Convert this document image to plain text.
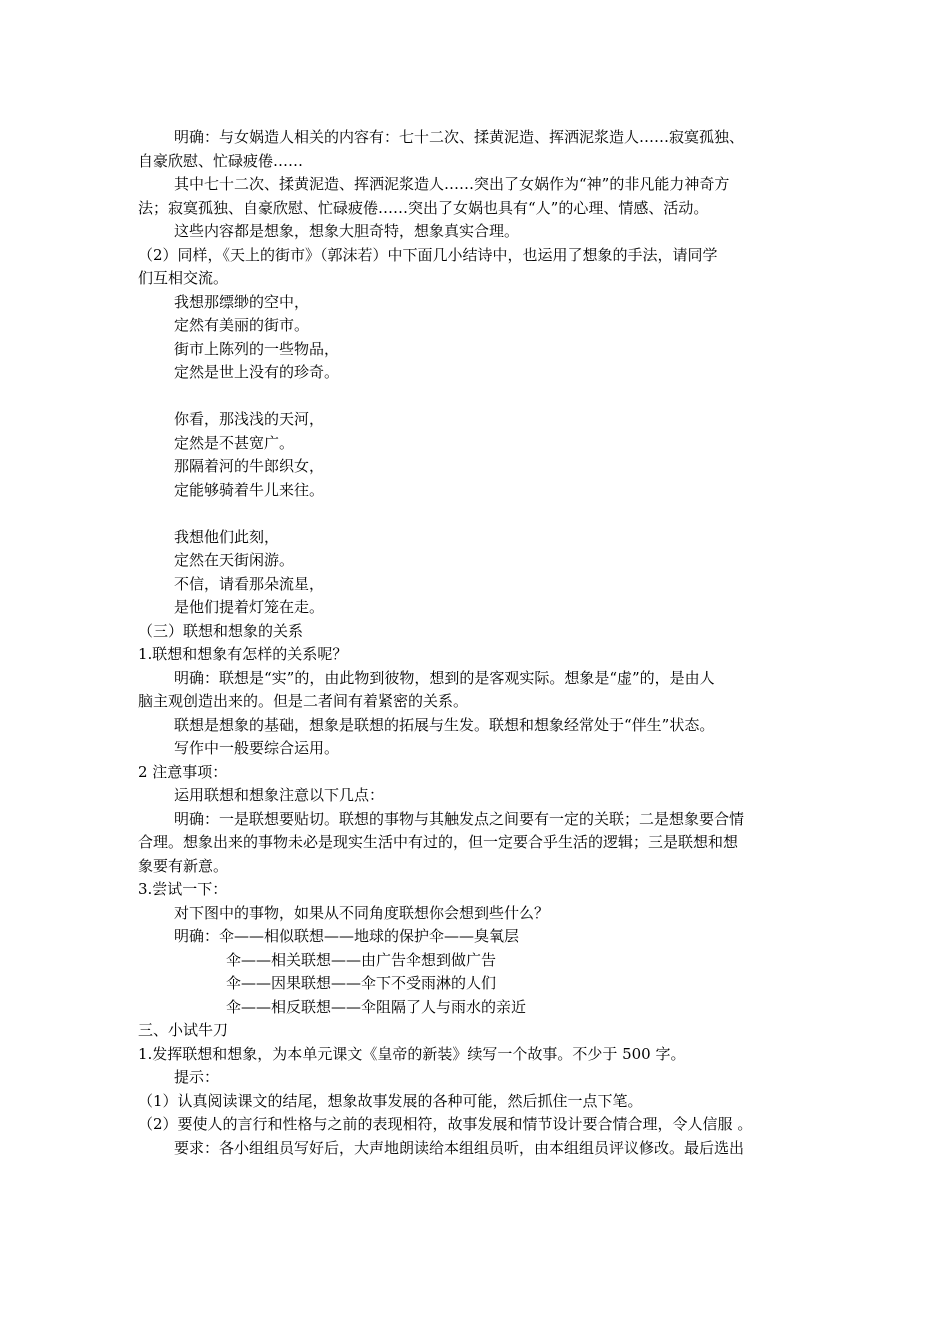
明确：与女娲造人相关的内容有：七十二次、揉黄泥造、挥洒泥浆造人……寂寞孤独、
自豪欣慰、忙碌疲倦……
其中七十二次、揉黄泥造、挥洒泥浆造人……突出了女娲作为“神”的非凡能力神奇方
法；寂寞孤独、自豪欣慰、忙碌疲倦……突出了女娲也具有“人”的心理、情感、活动。
这些内容都是想象，想象大胆奇特，想象真实合理。
（2）同样，《天上的街市》（郭沫若）中下面几小结诗中，也运用了想象的手法，请同学
们互相交流。
我想那缥缈的空中，
定然有美丽的街市。
街市上陈列的一些物品，
定然是世上没有的珍奇。
你看，那浅浅的天河，
定然是不甚宽广。
那隔着河的牛郎织女，
定能够骑着牛儿来往。
我想他们此刻，
定然在天街闲游。
不信，请看那朵流星，
是他们提着灯笼在走。
（三）联想和想象的关系
1.联想和想象有怎样的关系呢？
明确：联想是“实”的，由此物到彼物，想到的是客观实际。想象是“虚”的，是由人
脑主观创造出来的。但是二者间有着紧密的关系。
联想是想象的基础，想象是联想的拓展与生发。联想和想象经常处于“伴生”状态。
写作中一般要综合运用。
2 注意事项：
运用联想和想象注意以下几点：
明确：一是联想要贴切。联想的事物与其触发点之间要有一定的关联；二是想象要合情
合理。想象出来的事物未必是现实生活中有过的，但一定要合乎生活的逻辑；三是联想和想
象要有新意。
3.尝试一下：
对下图中的事物，如果从不同角度联想你会想到些什么？
明确：伞——相似联想——地球的保护伞——臭氧层
伞——相关联想——由广告伞想到做广告
伞——因果联想——伞下不受雨淋的人们
伞——相反联想——伞阻隔了人与雨水的亲近
三、小试牛刀
1.发挥联想和想象，为本单元课文《皇帝的新装》续写一个故事。不少于 500 字。
提示：
（1）认真阅读课文的结尾，想象故事发展的各种可能，然后抓住一点下笔。
（2）要使人的言行和性格与之前的表现相符，故事发展和情节设计要合情合理，令人信服 。
要求：各小组组员写好后，大声地朗读给本组组员听，由本组组员评议修改。最后选出
